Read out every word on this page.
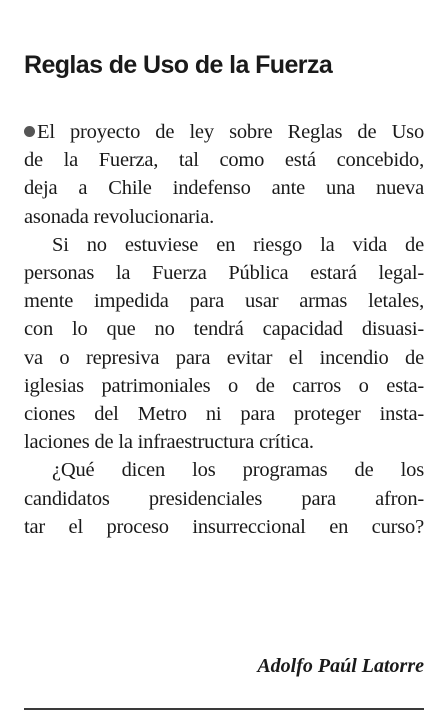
Reglas de Uso de la Fuerza

El proyecto de ley sobre Reglas de Uso
de la Fuerza, tal como está concebido,
deja a Chile indefenso ante una nueva
asonada revolucionaria.

Si no estuviese en riesgo la vida de
personas la Fuerza Pública estará legal-
mente impedida para usar armas letales,
con lo que no tendrá capacidad disuasi-
va o represiva para evitar el incendio de
iglesias patrimoniales o de carros o esta-
ciones del Metro ni para proteger insta-
laciones de la infraestructura crítica.

¿Qué dicen los programas de los
candidatos presidenciales para afron-
tar el proceso insurreccional en curso?

Adolfo Paúl Latorre
